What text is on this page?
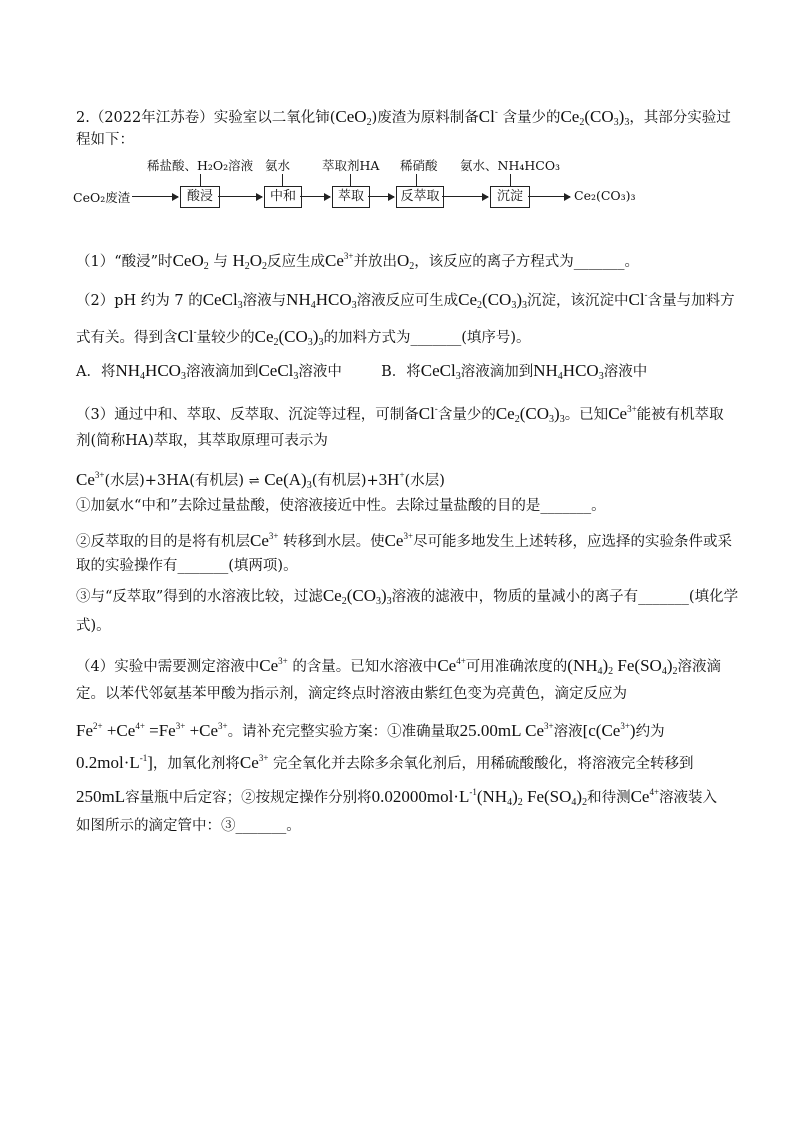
2.（2022年江苏卷）实验室以二氧化铈(CeO$_2$)废渣为原料制备Cl- 含量少的$Ce_2(CO_3)_3$，其部分实验过
程如下：
稀盐酸、H₂O₂溶液 氨水	萃取剂HA 稀硝酸 氨水、NH₄HCO₃
CeO₂废渣	酸浸	中和	萃取	反萃取	沉淀	Ce₂(CO₃)₃
（1）“酸浸”时CeO$_2$ 与 $H_2O_2$反应生成$Ce^{3+}$并放出$O_2$，该反应的离子方程式为_______。
（2）pH 约为 7 的CeCl$_3$溶液与$NH_4HCO_3$溶液反应可生成$Ce_2(CO_3)_3$沉淀，该沉淀中Cl-含量与加料方
式有关。得到含Cl-量较少的$Ce_2(CO_3)_3$的加料方式为_______(填序号)。
A．将$NH_4HCO_3$溶液滴加到CeCl$_3$溶液中	B．将CeCl$_3$溶液滴加到$NH_4HCO_3$溶液中
（3）通过中和、萃取、反萃取、沉淀等过程，可制备Cl-含量少的$Ce_2(CO_3)_3$。已知$Ce^{3+}$能被有机萃取
剂(简称HA)萃取，其萃取原理可表示为
$Ce^{3+}$(水层)+3HA(有机层) ⇌ $Ce(A)_3$(有机层)+3H+(水层)
①加氨水“中和”去除过量盐酸，使溶液接近中性。去除过量盐酸的目的是_______。
②反萃取的目的是将有机层$Ce^{3+}$ 转移到水层。使$Ce^{3+}$尽可能多地发生上述转移，应选择的实验条件或采
取的实验操作有_______(填两项)。
③与“反萃取”得到的水溶液比较，过滤$Ce_2(CO_3)_3$溶液的滤液中，物质的量减小的离子有_______(填化学
式)。
（4）实验中需要测定溶液中$Ce^{3+}$ 的含量。已知水溶液中$Ce^{4+}$可用准确浓度的$(NH_4)_2$ $Fe(SO_4)_2$溶液滴
定。以苯代邻氨基苯甲酸为指示剂，滴定终点时溶液由紫红色变为亮黄色，滴定反应为
$Fe^{2+} +Ce^{4+} =Fe^{3+} +Ce^{3+}$。请补充完整实验方案：①准确量取25.00mL $Ce^{3+}$溶液[$c(Ce^{3+})$约为
$0.2mol\cdot L^{-1}$]，加氧化剂将$Ce^{3+}$ 完全氧化并去除多余氧化剂后，用稀硫酸酸化，将溶液完全转移到
250mL容量瓶中后定容；②按规定操作分别将$0.02000mol\cdot L^{-1}(NH_4)_2$ $Fe(SO_4)_2$和待测$Ce^{4+}$溶液装入
如图所示的滴定管中：③_______。
